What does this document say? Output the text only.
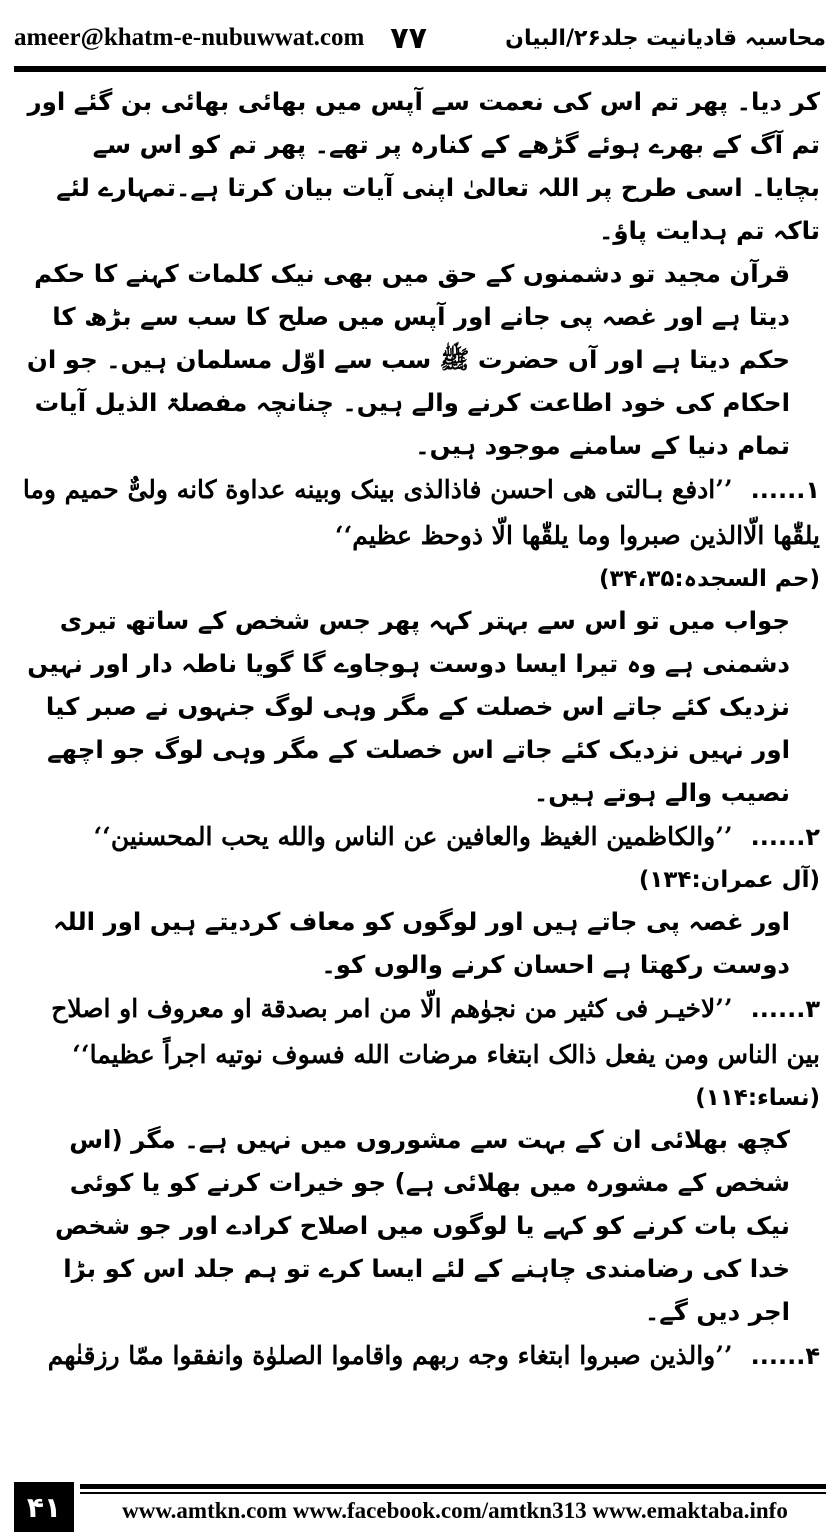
ameer@khatm-e-nubuwwat.com ۷۷	محاسبہ قادیانیت جلد۲۶/البیان

کر دیا۔ پھر تم اس کی نعمت سے آپس میں بھائی بھائی بن گئے اور تم آگ کے بھرے ہوئے گڑھے کے کنارہ پر تھے۔ پھر تم کو اس سے بچایا۔ اسی طرح پر اللہ تعالیٰ اپنی آیات بیان کرتا ہے۔تمہارے لئے تاکہ تم ہدایت پاؤ۔

قرآن مجید تو دشمنوں کے حق میں بھی نیک کلمات کہنے کا حکم دیتا ہے اور غصہ پی جانے اور آپس میں صلح کا سب سے بڑھ کا حکم دیتا ہے اور آں حضرت ﷺ سب سے اوّل مسلمان ہیں۔ جو ان احکام کی خود اطاعت کرنے والے ہیں۔ چنانچہ مفصلۃ الذیل آیات تمام دنیا کے سامنے موجود ہیں۔

۱......’’ادفع بـالتی هی احسن فاذالذی بینک وبینه عداوة کانه ولیٌّ حمیم وما یلقّٰها الّاالذین صبروا وما یلقّٰها الّا ذوحظ عظیم‘‘

(حم السجدہ:۳۴،۳۵)

جواب میں تو اس سے بہتر کہہ پھر جس شخص کے ساتھ تیری دشمنی ہے وہ تیرا ایسا دوست ہوجاوے گا گویا ناطہ دار اور نہیں نزدیک کئے جاتے اس خصلت کے مگر وہی لوگ جنہوں نے صبر کیا اور نہیں نزدیک کئے جاتے اس خصلت کے مگر وہی لوگ جو اچھے نصیب والے ہوتے ہیں۔

۲......’’والکاظمین الغیظ والعافین عن الناس والله یحب المحسنین‘‘

(آل عمران:۱۳۴)

اور غصہ پی جاتے ہیں اور لوگوں کو معاف کردیتے ہیں اور اللہ دوست رکھتا ہے احسان کرنے والوں کو۔

۳......’’لاخیـر فی کثیر من نجوٰهم الّا من امر بصدقة او معروف او اصلاح بین الناس ومن یفعل ذالک ابتغاء مرضات الله فسوف نوتیه اجراً عظیما‘‘

(نساء:۱۱۴)

کچھ بھلائی ان کے بہت سے مشوروں میں نہیں ہے۔ مگر (اس شخص کے مشورہ میں بھلائی ہے) جو خیرات کرنے کو یا کوئی نیک بات کرنے کو کہے یا لوگوں میں اصلاح کرادے اور جو شخص خدا کی رضامندی چاہنے کے لئے ایسا کرے تو ہم جلد اس کو بڑا اجر دیں گے۔

۴......’’والذین صبروا ابتغاء وجه ربهم واقاموا الصلوٰة وانفقوا ممّا رزقنٰهم

۴۱	www.amtkn.com www.facebook.com/amtkn313 www.emaktaba.info
